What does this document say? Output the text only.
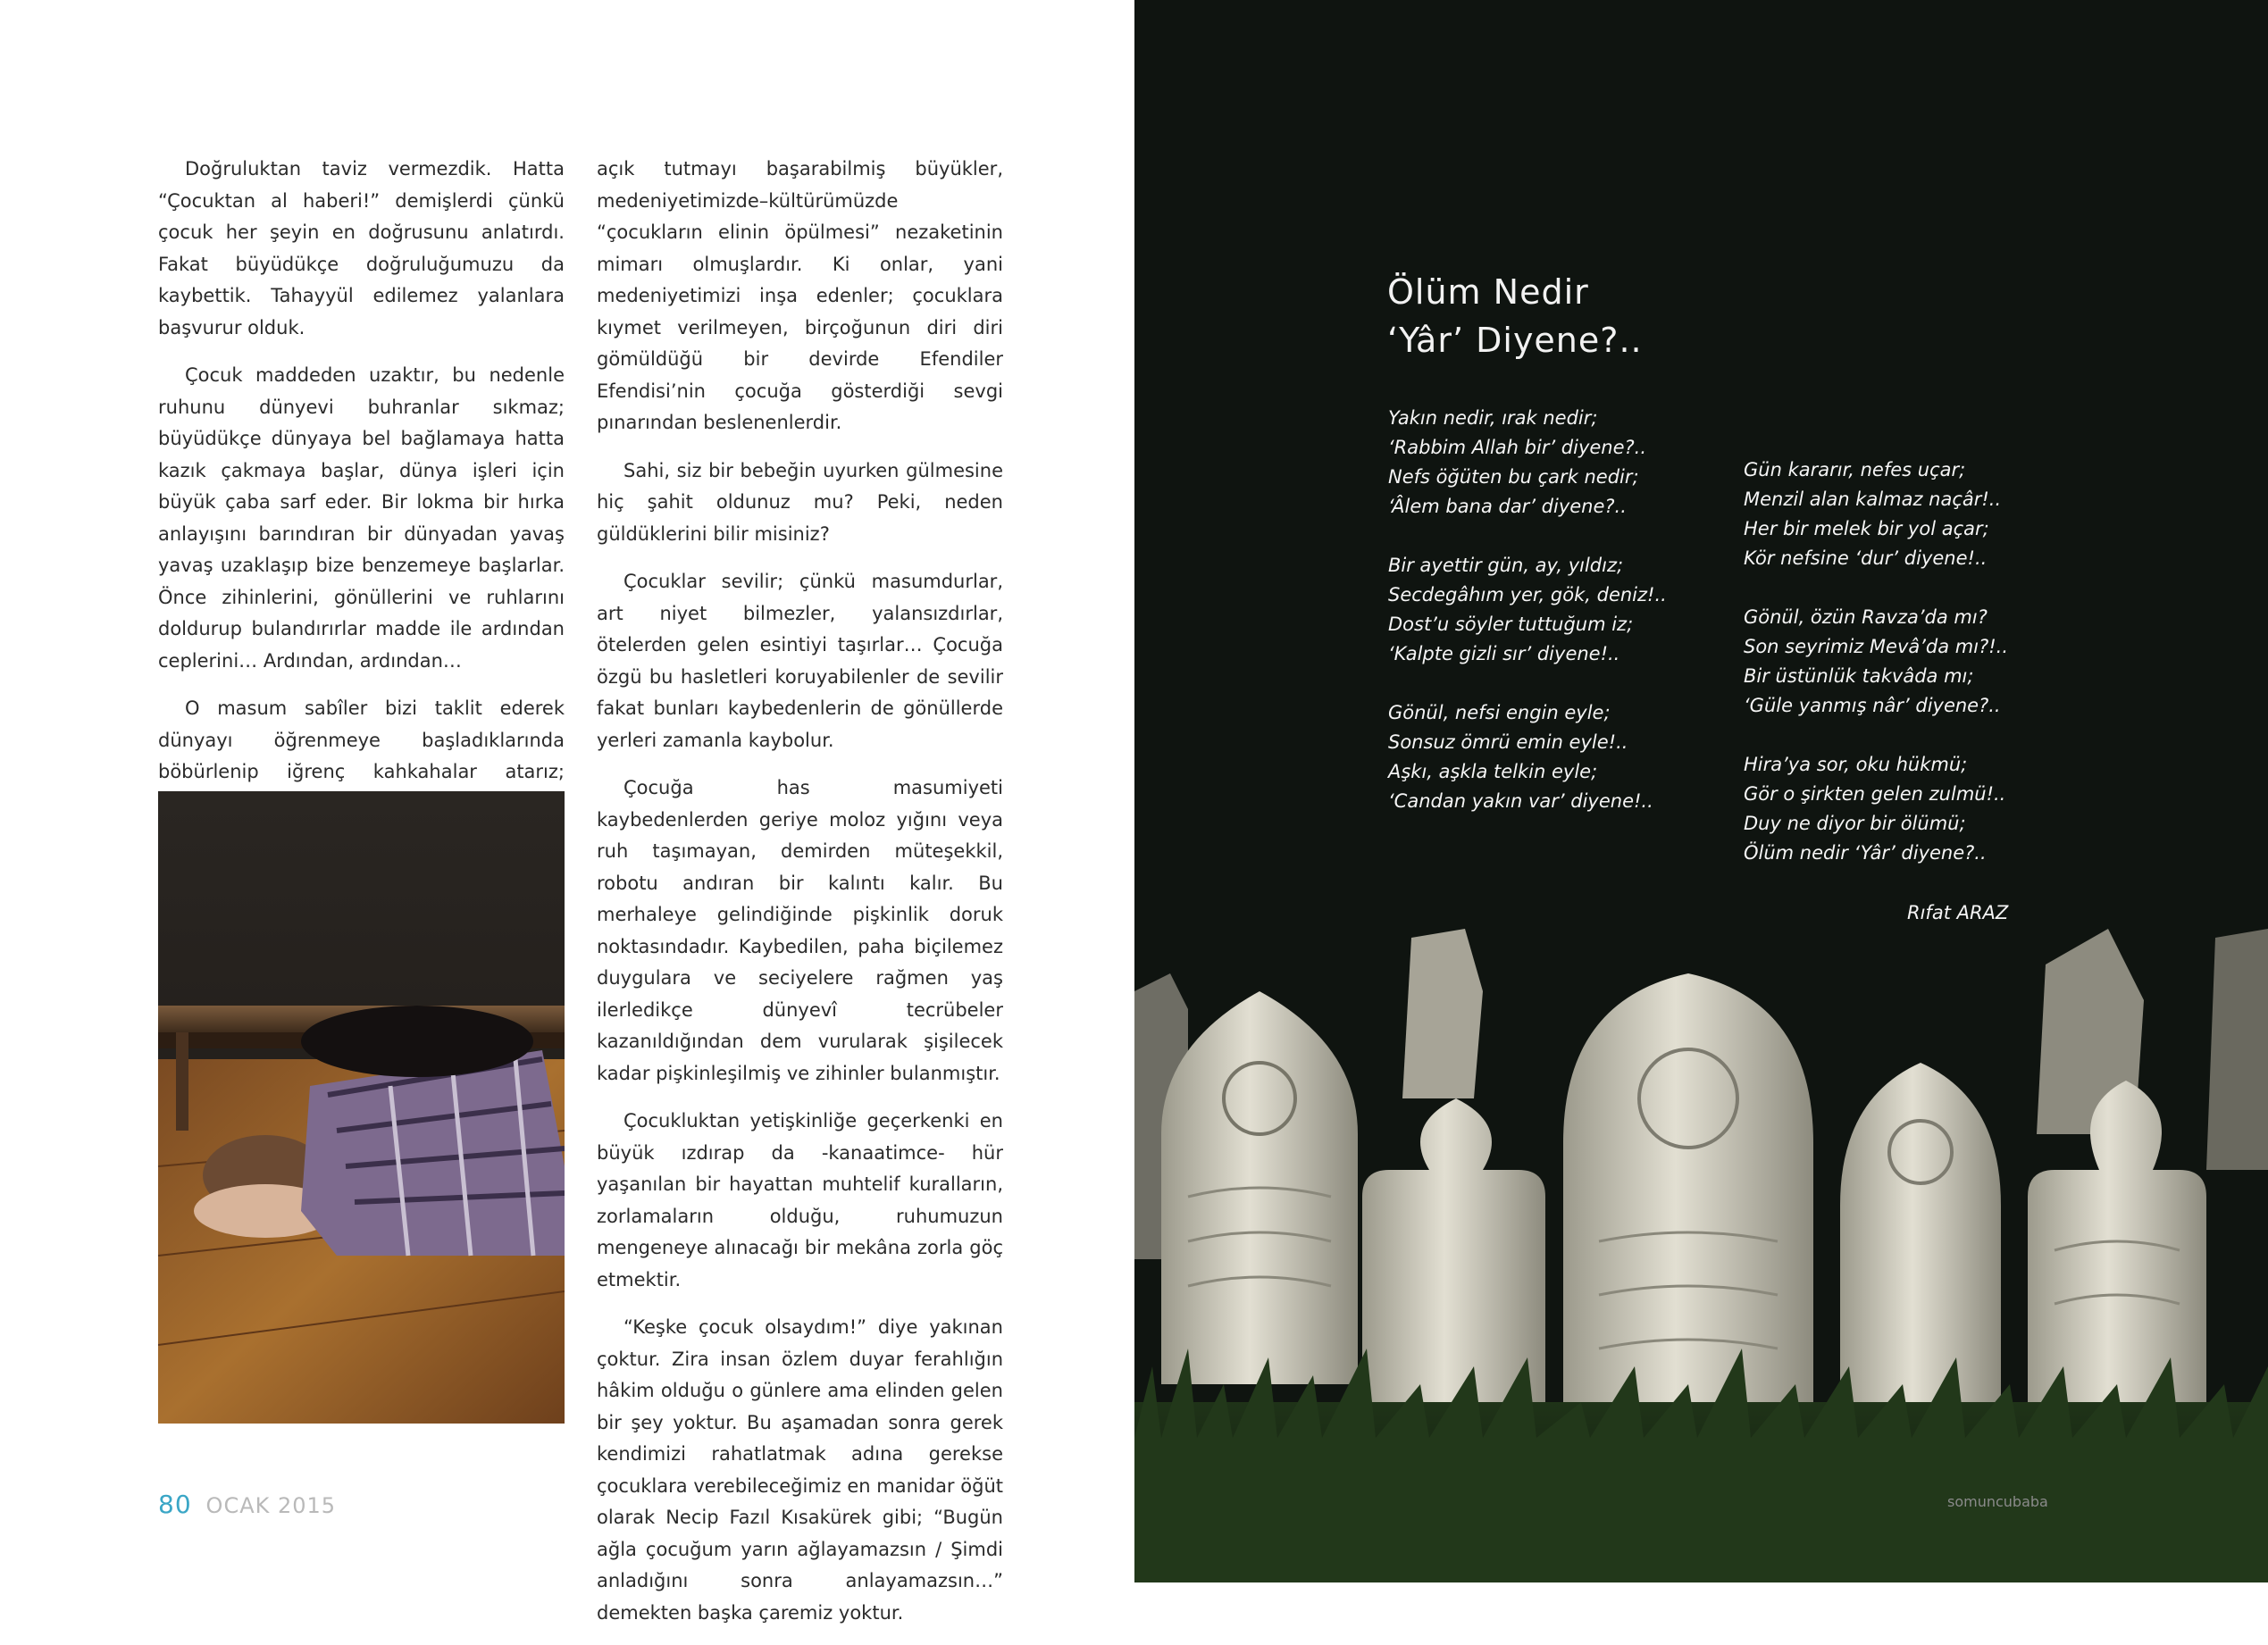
Doğruluktan taviz vermezdik. Hatta “Çocuktan al haberi!” demişlerdi çünkü çocuk her şeyin en doğrusunu anlatırdı. Fakat büyüdükçe doğruluğumuzu da kaybettik. Tahayyül edilemez yalanlara başvurur olduk.

Çocuk maddeden uzaktır, bu nedenle ruhunu dünyevi buhranlar sıkmaz; büyüdükçe dünyaya bel bağlamaya hatta kazık çakmaya başlar, dünya işleri için büyük çaba sarf eder. Bir lokma bir hırka anlayışını barındıran bir dünyadan yavaş yavaş uzaklaşıp bize benzemeye başlarlar. Önce zihinlerini, gönüllerini ve ruhlarını doldurup bulandırırlar madde ile ardından ceplerini… Ardından, ardından…

O masum sabîler bizi taklit ederek dünyayı öğrenmeye başladıklarında böbürlenip iğrenç kahkahalar atarız;

açık tutmayı başarabilmiş büyükler, medeniyetimizde–kültürümüzde “çocukların elinin öpülmesi” nezaketinin mimarı olmuşlardır. Ki onlar, yani medeniyetimizi inşa edenler; çocuklara kıymet verilmeyen, birçoğunun diri diri gömüldüğü bir devirde Efendiler Efendisi’nin çocuğa gösterdiği sevgi pınarından beslenenlerdir.

Sahi, siz bir bebeğin uyurken gülmesine hiç şahit oldunuz mu? Peki, neden güldüklerini bilir misiniz?

Çocuklar sevilir; çünkü masumdurlar, art niyet bilmezler, yalansızdırlar, ötelerden gelen esintiyi taşırlar… Çocuğa özgü bu hasletleri koruyabilenler de sevilir fakat bunları kaybedenlerin de gönüllerde yerleri zamanla kaybolur.

Çocuğa has masumiyeti kaybedenlerden geriye moloz yığını veya ruh taşımayan, demirden müteşekkil, robotu andıran bir kalıntı kalır. Bu merhaleye gelindiğinde pişkinlik doruk noktasındadır. Kaybedilen, paha biçilemez duygulara ve seciyelere rağmen yaş ilerledikçe dünyevî tecrübeler kazanıldığından dem vurularak şişilecek kadar pişkinleşilmiş ve zihinler bulanmıştır.

Çocukluktan yetişkinliğe geçerkenki en büyük ızdırap da -kanaatimce- hür yaşanılan bir hayattan muhtelif kuralların, zorlamaların olduğu, ruhumuzun mengeneye alınacağı bir mekâna zorla göç etmektir.

“Keşke çocuk olsaydım!” diye yakınan çoktur. Zira insan özlem duyar ferahlığın hâkim olduğu o günlere ama elinden gelen bir şey yoktur. Bu aşamadan sonra gerek kendimizi rahatlatmak adına gerekse çocuklara verebileceğimiz en manidar öğüt olarak Necip Fazıl Kısakürek gibi; “Bugün ağla çocuğum yarın ağlayamazsın / Şimdi anladığını sonra anlayamazsın…” demekten başka çaremiz yoktur.

80 OCAK 2015
Ölüm Nedir
‘Yâr’ Diyene?..
Yakın nedir, ırak nedir;
‘Rabbim Allah bir’ diyene?..
Nefs öğüten bu çark nedir;
‘Âlem bana dar’ diyene?..
Bir ayettir gün, ay, yıldız;
Secdegâhım yer, gök, deniz!..
Dost’u söyler tuttuğum iz;
‘Kalpte gizli sır’ diyene!..
Gönül, nefsi engin eyle;
Sonsuz ömrü emin eyle!..
Aşkı, aşkla telkin eyle;
‘Candan yakın var’ diyene!..
Gün kararır, nefes uçar;
Menzil alan kalmaz naçâr!..
Her bir melek bir yol açar;
Kör nefsine ‘dur’ diyene!..
Gönül, özün Ravza’da mı?
Son seyrimiz Mevâ’da mı?!..
Bir üstünlük takvâda mı;
‘Güle yanmış nâr’ diyene?..
Hira’ya sor, oku hükmü;
Gör o şirkten gelen zulmü!..
Duy ne diyor bir ölümü;
Ölüm nedir ‘Yâr’ diyene?..
Rıfat ARAZ
somuncubaba
